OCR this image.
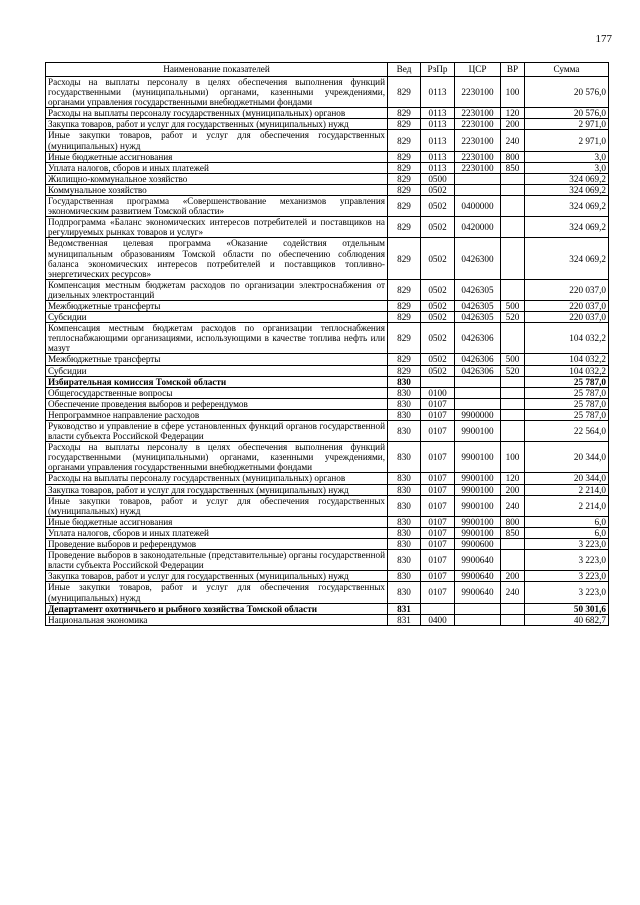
177
Наименование показателей	Вед	РзПр	ЦСР	ВР	Сумма
Расходы на выплаты персоналу в целях обеспечения выполнения функций государственными (муниципальными) органами, казенными учреждениями, органами управления государственными внебюджетными фондами	829	0113	2230100	100	20 576,0
Расходы на выплаты персоналу государственных (муниципальных) органов	829	0113	2230100	120	20 576,0
Закупка товаров, работ и услуг для государственных (муниципальных) нужд	829	0113	2230100	200	2 971,0
Иные закупки товаров, работ и услуг для обеспечения государственных (муниципальных) нужд	829	0113	2230100	240	2 971,0
Иные бюджетные ассигнования	829	0113	2230100	800	3,0
Уплата налогов, сборов и иных платежей	829	0113	2230100	850	3,0
Жилищно-коммунальное хозяйство	829	0500			324 069,2
Коммунальное хозяйство	829	0502			324 069,2
Государственная программа «Совершенствование механизмов управления экономическим развитием Томской области»	829	0502	0400000		324 069,2
Подпрограмма «Баланс экономических интересов потребителей и поставщиков на регулируемых рынках товаров и услуг»	829	0502	0420000		324 069,2
Ведомственная целевая программа «Оказание содействия отдельным муниципальным образованиям Томской области по обеспечению соблюдения баланса экономических интересов потребителей и поставщиков топливно-энергетических ресурсов»	829	0502	0426300		324 069,2
Компенсация местным бюджетам расходов по организации электроснабжения от дизельных электростанций	829	0502	0426305		220 037,0
Межбюджетные трансферты	829	0502	0426305	500	220 037,0
Субсидии	829	0502	0426305	520	220 037,0
Компенсация местным бюджетам расходов по организации теплоснабжения теплоснабжающими организациями, использующими в качестве топлива нефть или мазут	829	0502	0426306		104 032,2
Межбюджетные трансферты	829	0502	0426306	500	104 032,2
Субсидии	829	0502	0426306	520	104 032,2
Избирательная комиссия Томской области	830				25 787,0
Общегосударственные вопросы	830	0100			25 787,0
Обеспечение проведения выборов и референдумов	830	0107			25 787,0
Непрограммное направление расходов	830	0107	9900000		25 787,0
Руководство и управление в сфере установленных функций органов государственной власти субъекта Российской Федерации	830	0107	9900100		22 564,0
Расходы на выплаты персоналу в целях обеспечения выполнения функций государственными (муниципальными) органами, казенными учреждениями, органами управления государственными внебюджетными фондами	830	0107	9900100	100	20 344,0
Расходы на выплаты персоналу государственных (муниципальных) органов	830	0107	9900100	120	20 344,0
Закупка товаров, работ и услуг для государственных (муниципальных) нужд	830	0107	9900100	200	2 214,0
Иные закупки товаров, работ и услуг для обеспечения государственных (муниципальных) нужд	830	0107	9900100	240	2 214,0
Иные бюджетные ассигнования	830	0107	9900100	800	6,0
Уплата налогов, сборов и иных платежей	830	0107	9900100	850	6,0
Проведение выборов и референдумов	830	0107	9900600		3 223,0
Проведение выборов в законодательные (представительные) органы государственной власти субъекта Российской Федерации	830	0107	9900640		3 223,0
Закупка товаров, работ и услуг для государственных (муниципальных) нужд	830	0107	9900640	200	3 223,0
Иные закупки товаров, работ и услуг для обеспечения государственных (муниципальных) нужд	830	0107	9900640	240	3 223,0
Департамент охотничьего и рыбного хозяйства Томской области	831				50 301,6
Национальная экономика	831	0400			40 682,7
